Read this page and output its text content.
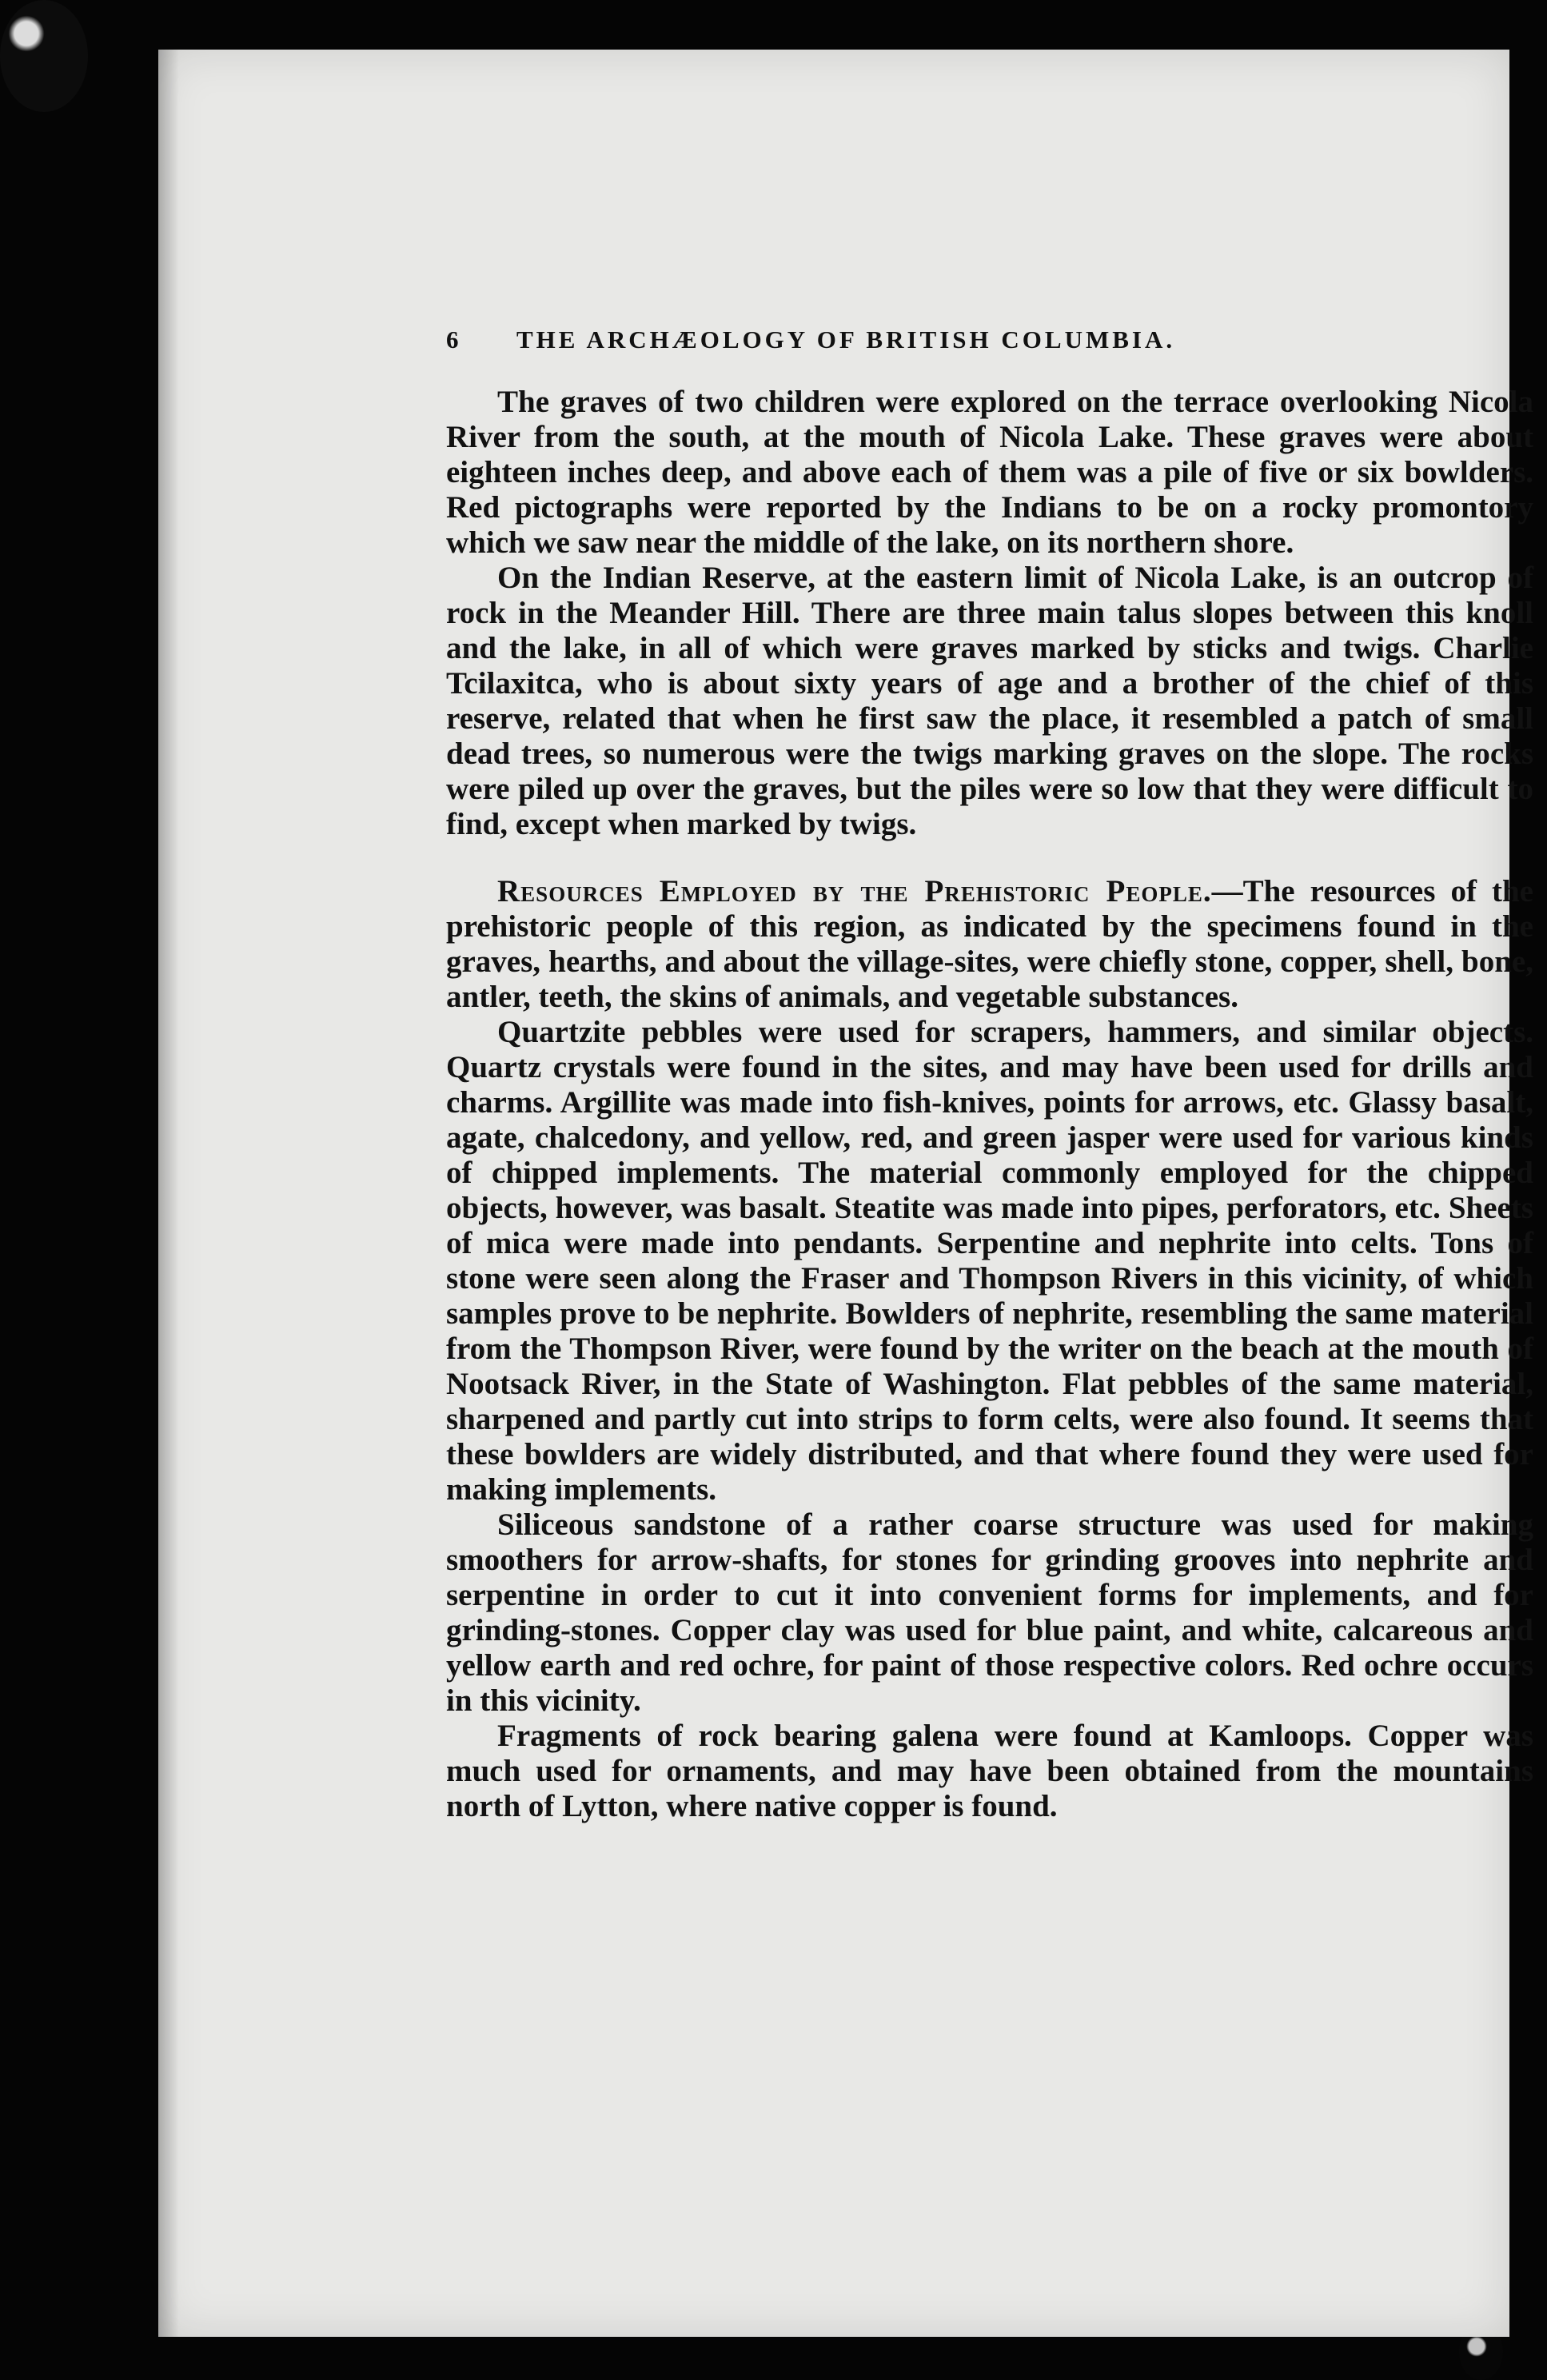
6	THE ARCHÆOLOGY OF BRITISH COLUMBIA.

The graves of two children were explored on the terrace overlooking Nicola River from the south, at the mouth of Nicola Lake. These graves were about eighteen inches deep, and above each of them was a pile of five or six bowlders. Red pictographs were reported by the Indians to be on a rocky promontory which we saw near the middle of the lake, on its northern shore.

On the Indian Reserve, at the eastern limit of Nicola Lake, is an outcrop of rock in the Meander Hill. There are three main talus slopes between this knoll and the lake, in all of which were graves marked by sticks and twigs. Charlie Tcilaxitca, who is about sixty years of age and a brother of the chief of this reserve, related that when he first saw the place, it resembled a patch of small dead trees, so numerous were the twigs marking graves on the slope. The rocks were piled up over the graves, but the piles were so low that they were difficult to find, except when marked by twigs.

Resources Employed by the Prehistoric People.—The resources of the prehistoric people of this region, as indicated by the specimens found in the graves, hearths, and about the village-sites, were chiefly stone, copper, shell, bone, antler, teeth, the skins of animals, and vegetable substances.

Quartzite pebbles were used for scrapers, hammers, and similar objects. Quartz crystals were found in the sites, and may have been used for drills and charms. Argillite was made into fish-knives, points for arrows, etc. Glassy basalt, agate, chalcedony, and yellow, red, and green jasper were used for various kinds of chipped implements. The material commonly employed for the chipped objects, however, was basalt. Steatite was made into pipes, perforators, etc. Sheets of mica were made into pendants. Serpentine and nephrite into celts. Tons of stone were seen along the Fraser and Thompson Rivers in this vicinity, of which samples prove to be nephrite. Bowlders of nephrite, resembling the same material from the Thompson River, were found by the writer on the beach at the mouth of Nootsack River, in the State of Washington. Flat pebbles of the same material, sharpened and partly cut into strips to form celts, were also found. It seems that these bowlders are widely distributed, and that where found they were used for making implements.

Siliceous sandstone of a rather coarse structure was used for making smoothers for arrow-shafts, for stones for grinding grooves into nephrite and serpentine in order to cut it into convenient forms for implements, and for grinding-stones. Copper clay was used for blue paint, and white, calcareous and yellow earth and red ochre, for paint of those respective colors. Red ochre occurs in this vicinity.

Fragments of rock bearing galena were found at Kamloops. Copper was much used for ornaments, and may have been obtained from the mountains north of Lytton, where native copper is found.
